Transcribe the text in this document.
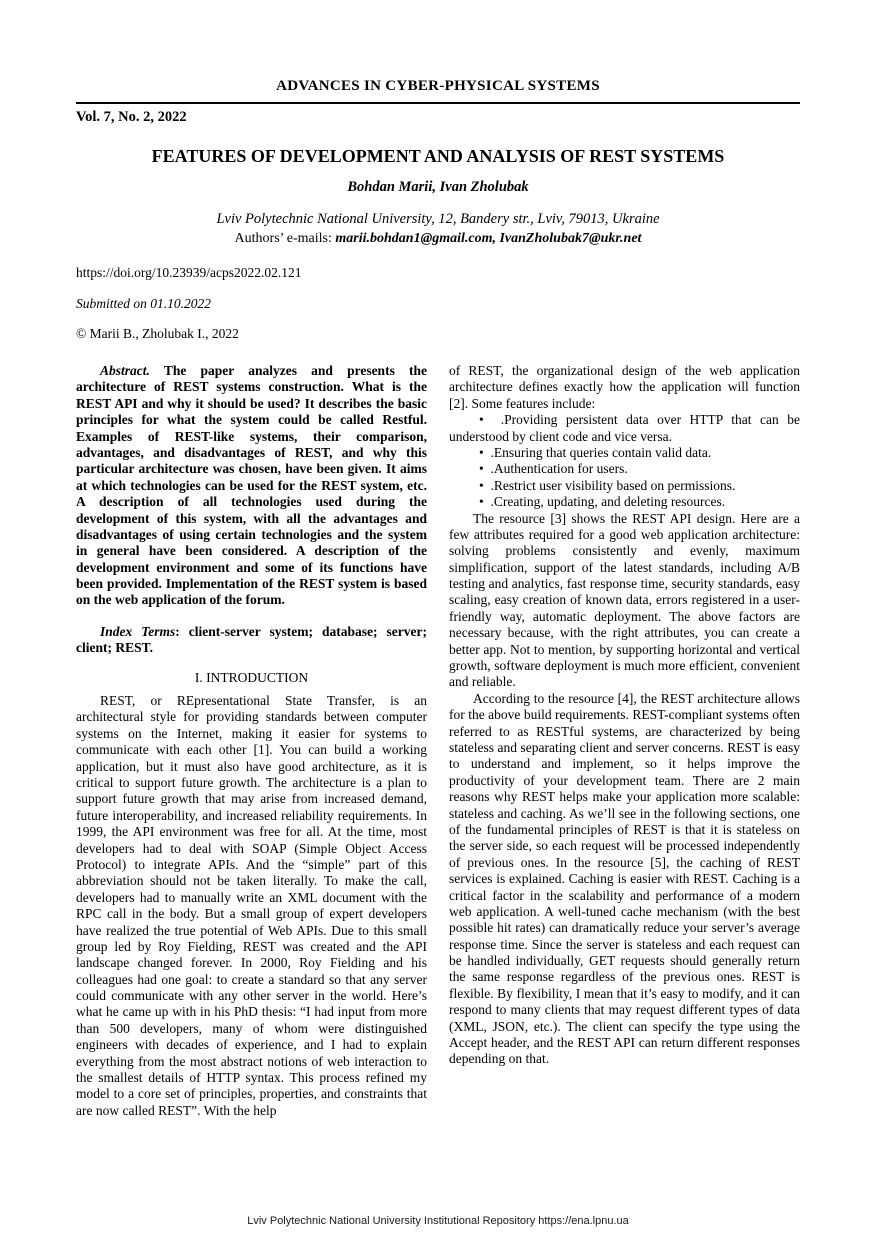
ADVANCES IN CYBER-PHYSICAL SYSTEMS
Vol. 7, No. 2, 2022
FEATURES OF DEVELOPMENT AND ANALYSIS OF REST SYSTEMS
Bohdan Marii, Ivan Zholubak
Lviv Polytechnic National University, 12, Bandery str., Lviv, 79013, Ukraine
Authors’ e-mails: marii.bohdan1@gmail.com, IvanZholubak7@ukr.net
https://doi.org/10.23939/acps2022.02.121
Submitted on 01.10.2022
© Marii B., Zholubak I., 2022

Abstract. The paper analyzes and presents the architecture of REST systems construction. What is the REST API and why it should be used? It describes the basic principles for what the system could be called Restful. Examples of REST-like systems, their comparison, advantages, and disadvantages of REST, and why this particular architecture was chosen, have been given. It aims at which technologies can be used for the REST system, etc. A description of all technologies used during the development of this system, with all the advantages and disadvantages of using certain technologies and the system in general have been considered. A description of the development environment and some of its functions have been provided. Implementation of the REST system is based on the web application of the forum.

Index Terms: client-server system; database; server; client; REST.

I. INTRODUCTION

REST, or REpresentational State Transfer, is an architectural style for providing standards between computer systems on the Internet, making it easier for systems to communicate with each other [1]. You can build a working application, but it must also have good architecture, as it is critical to support future growth. The architecture is a plan to support future growth that may arise from increased demand, future interoperability, and increased reliability requirements. In 1999, the API environment was free for all. At the time, most developers had to deal with SOAP (Simple Object Access Protocol) to integrate APIs. And the “simple” part of this abbreviation should not be taken literally. To make the call, developers had to manually write an XML document with the RPC call in the body. But a small group of expert developers have realized the true potential of Web APIs. Due to this small group led by Roy Fielding, REST was created and the API landscape changed forever. In 2000, Roy Fielding and his colleagues had one goal: to create a standard so that any server could communicate with any other server in the world. Here’s what he came up with in his PhD thesis: “I had input from more than 500 developers, many of whom were distinguished engineers with decades of experience, and I had to explain everything from the most abstract notions of web interaction to the smallest details of HTTP syntax. This process refined my model to a core set of principles, properties, and constraints that are now called REST”. With the help

of REST, the organizational design of the web application architecture defines exactly how the application will function [2]. Some features include:

• .Providing persistent data over HTTP that can be understood by client code and vice versa.

• .Ensuring that queries contain valid data.

• .Authentication for users.

• .Restrict user visibility based on permissions.

• .Creating, updating, and deleting resources.

The resource [3] shows the REST API design. Here are a few attributes required for a good web application architecture: solving problems consistently and evenly, maximum simplification, support of the latest standards, including A/B testing and analytics, fast response time, security standards, easy scaling, easy creation of known data, errors registered in a user-friendly way, automatic deployment. The above factors are necessary because, with the right attributes, you can create a better app. Not to mention, by supporting horizontal and vertical growth, software deployment is much more efficient, convenient and reliable.

According to the resource [4], the REST architecture allows for the above build requirements. REST-compliant systems often referred to as RESTful systems, are characterized by being stateless and separating client and server concerns. REST is easy to understand and implement, so it helps improve the productivity of your development team. There are 2 main reasons why REST helps make your application more scalable: stateless and caching. As we’ll see in the following sections, one of the fundamental principles of REST is that it is stateless on the server side, so each request will be processed independently of previous ones. In the resource [5], the caching of REST services is explained. Caching is easier with REST. Caching is a critical factor in the scalability and performance of a modern web application. A well-tuned cache mechanism (with the best possible hit rates) can dramatically reduce your server’s average response time. Since the server is stateless and each request can be handled individually, GET requests should generally return the same response regardless of the previous ones. REST is flexible. By flexibility, I mean that it’s easy to modify, and it can respond to many clients that may request different types of data (XML, JSON, etc.). The client can specify the type using the Accept header, and the REST API can return different responses depending on that.

Lviv Polytechnic National University Institutional Repository https://ena.lpnu.ua
